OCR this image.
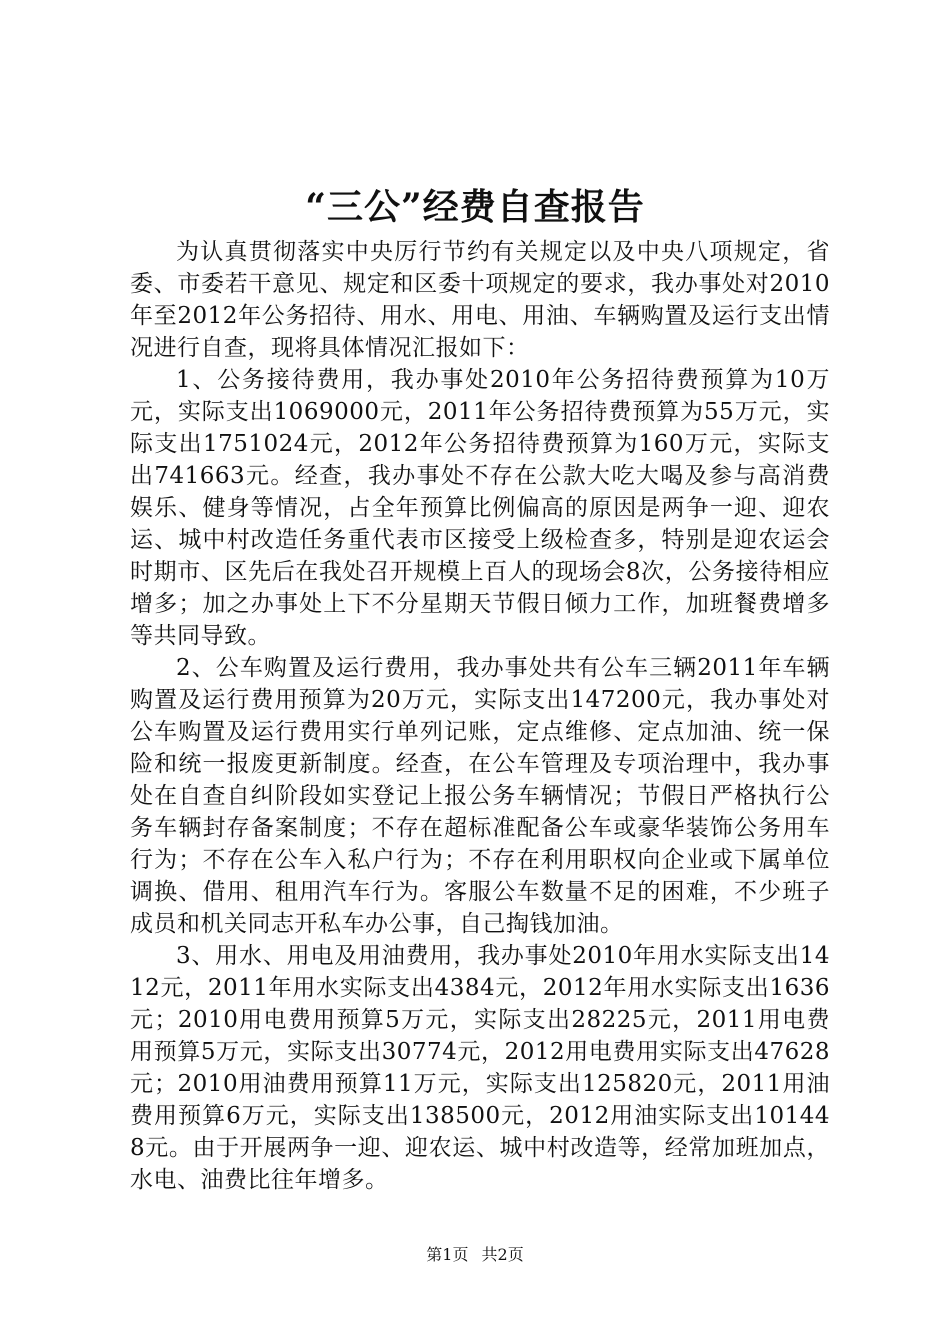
“三公”经费自查报告

为认真贯彻落实中央厉行节约有关规定以及中央八项规定，省委、市委若干意见、规定和区委十项规定的要求，我办事处对2010年至2012年公务招待、用水、用电、用油、车辆购置及运行支出情况进行自查，现将具体情况汇报如下：

1、公务接待费用，我办事处2010年公务招待费预算为10万元，实际支出1069000元，2011年公务招待费预算为55万元，实际支出1751024元，2012年公务招待费预算为160万元，实际支出741663元。经查，我办事处不存在公款大吃大喝及参与高消费娱乐、健身等情况，占全年预算比例偏高的原因是两争一迎、迎农运、城中村改造任务重代表市区接受上级检查多，特别是迎农运会时期市、区先后在我处召开规模上百人的现场会8次，公务接待相应增多；加之办事处上下不分星期天节假日倾力工作，加班餐费增多等共同导致。

2、公车购置及运行费用，我办事处共有公车三辆2011年车辆购置及运行费用预算为20万元，实际支出147200元，我办事处对公车购置及运行费用实行单列记账，定点维修、定点加油、统一保险和统一报废更新制度。经查，在公车管理及专项治理中，我办事处在自查自纠阶段如实登记上报公务车辆情况；节假日严格执行公务车辆封存备案制度；不存在超标准配备公车或豪华装饰公务用车行为；不存在公车入私户行为；不存在利用职权向企业或下属单位调换、借用、租用汽车行为。客服公车数量不足的困难，不少班子成员和机关同志开私车办公事，自己掏钱加油。

3、用水、用电及用油费用，我办事处2010年用水实际支出1412元，2011年用水实际支出4384元，2012年用水实际支出1636元；2010用电费用预算5万元，实际支出28225元，2011用电费用预算5万元，实际支出30774元，2012用电费用实际支出47628元；2010用油费用预算11万元，实际支出125820元，2011用油费用预算6万元，实际支出138500元，2012用油实际支出101448元。由于开展两争一迎、迎农运、城中村改造等，经常加班加点，水电、油费比往年增多。

第1页 共2页
